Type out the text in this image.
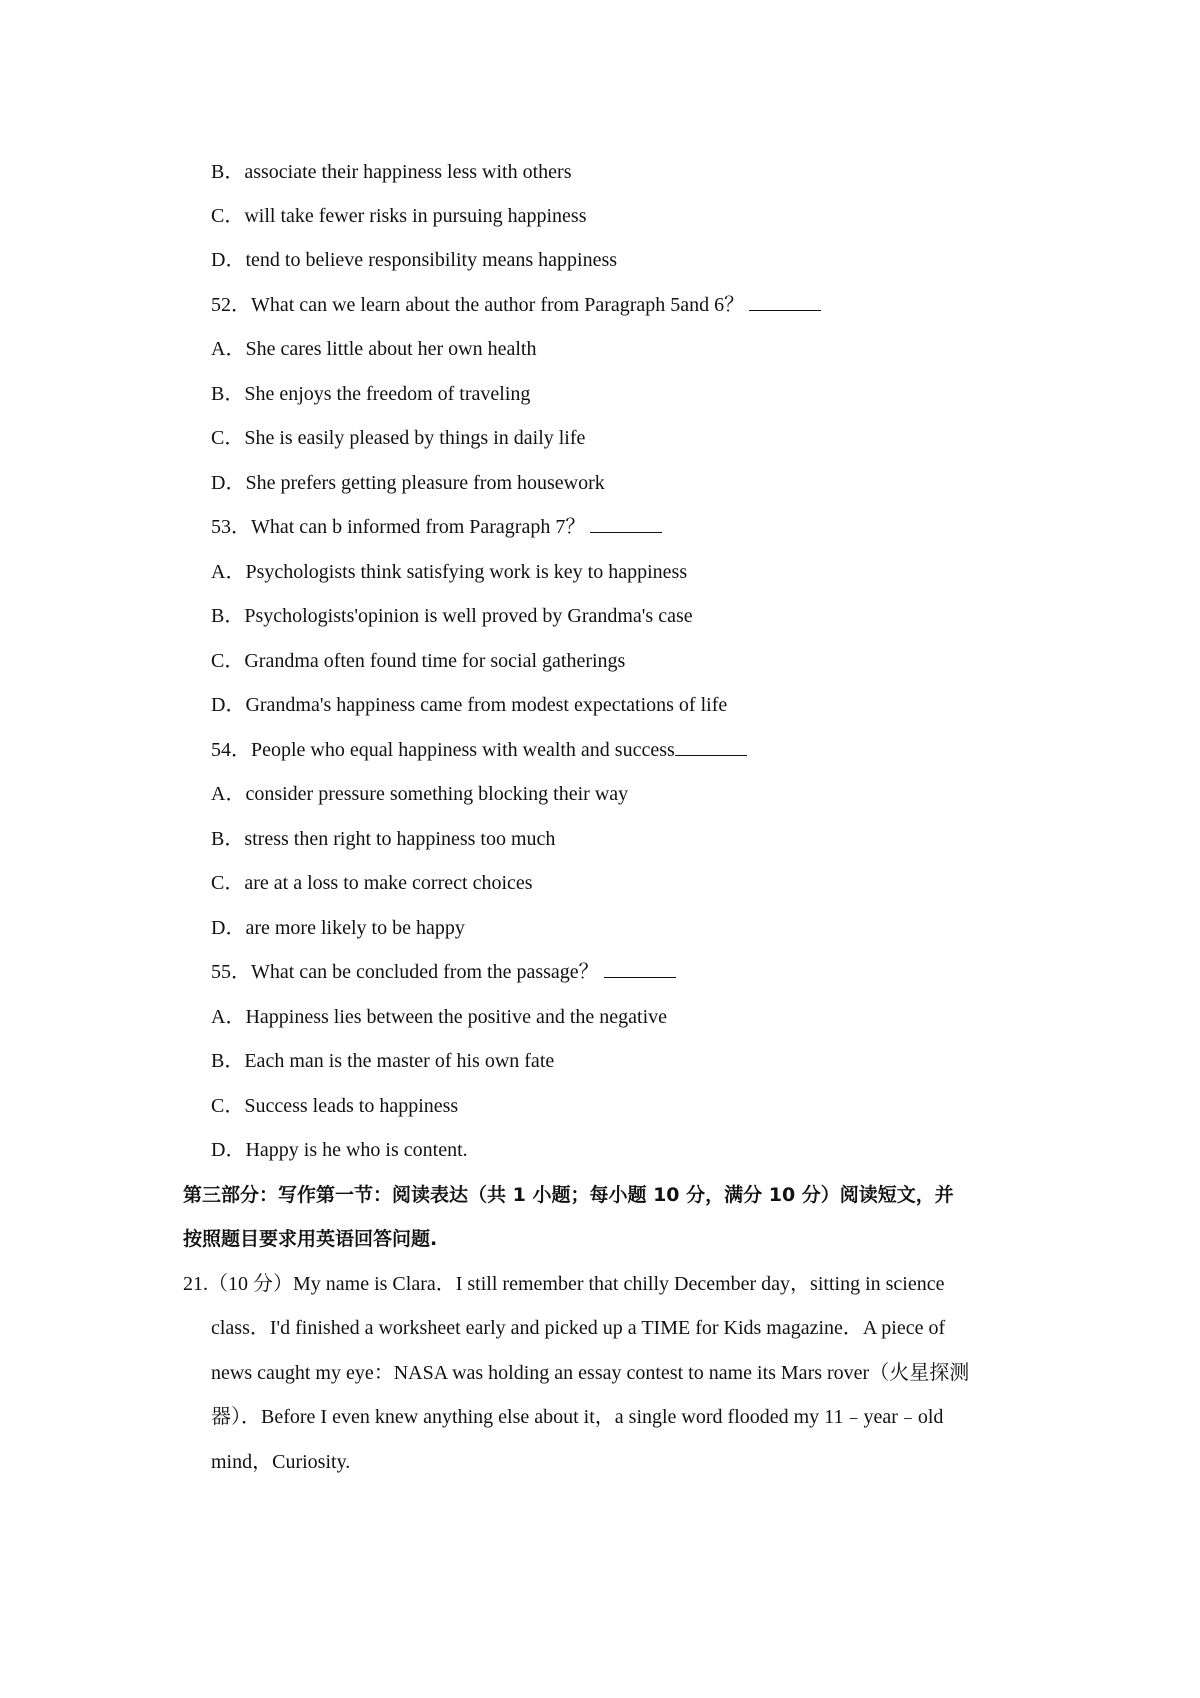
B．associate their happiness less with others
C．will take fewer risks in pursuing happiness
D．tend to believe responsibility means happiness
52．What can we learn about the author from Paragraph 5and 6？
A．She cares little about her own health
B．She enjoys the freedom of traveling
C．She is easily pleased by things in daily life
D．She prefers getting pleasure from housework
53．What can b informed from Paragraph 7？
A．Psychologists think satisfying work is key to happiness
B．Psychologists'opinion is well proved by Grandma's case
C．Grandma often found time for social gatherings
D．Grandma's happiness came from modest expectations of life
54．People who equal happiness with wealth and success
A．consider pressure something blocking their way
B．stress then right to happiness too much
C．are at a loss to make correct choices
D．are more likely to be happy
55．What can be concluded from the passage？
A．Happiness lies between the positive and the negative
B．Each man is the master of his own fate
C．Success leads to happiness
D．Happy is he who is content.
第三部分：写作第一节：阅读表达（共 1 小题；每小题 10 分，满分 10 分）阅读短文，并
按照题目要求用英语回答问题.
21.（10 分）My name is Clara．I still remember that chilly December day，sitting in science
class．I'd finished a worksheet early and picked up a TIME for Kids magazine．A piece of
news caught my eye：NASA was holding an essay contest to name its Mars rover（火星探测
器）．Before I even knew anything else about it，a single word flooded my 11﹣year﹣old
mind，Curiosity.
